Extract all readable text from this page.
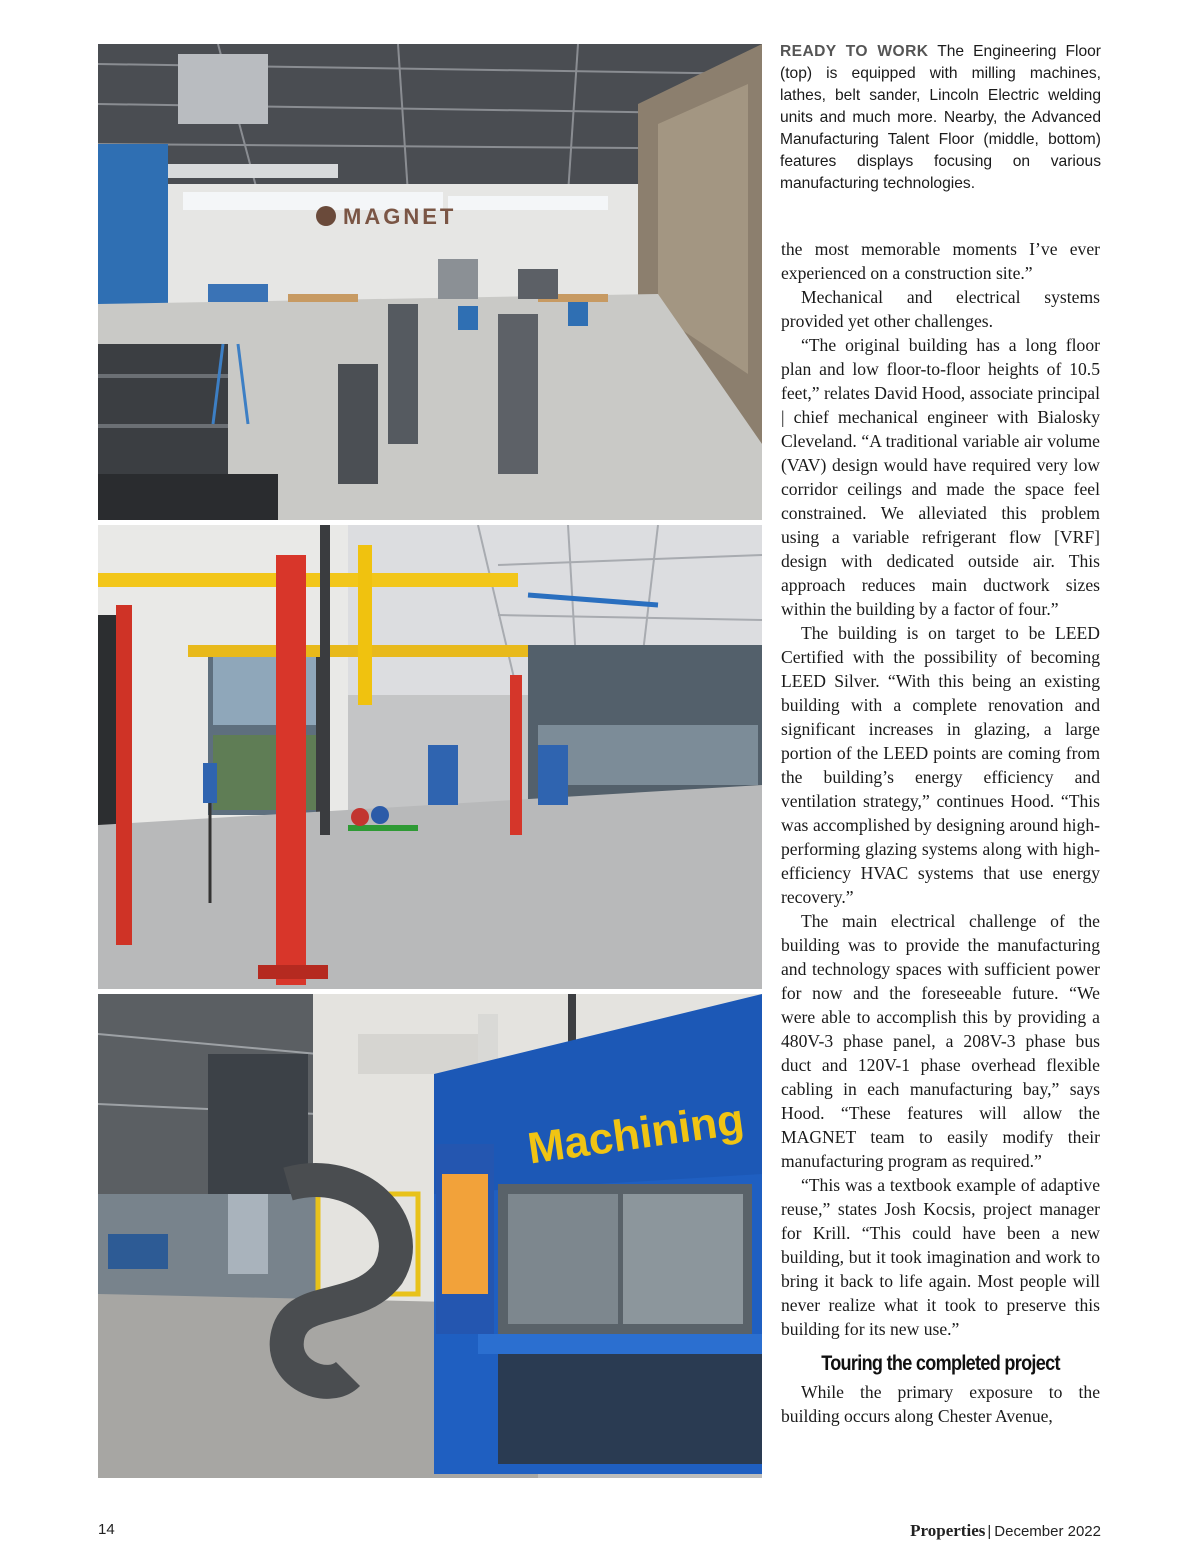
MAGNET
Machining
READY TO WORK The Engineering Floor (top) is equipped with milling machines, lathes, belt sander, Lincoln Electric welding units and much more. Nearby, the Advanced Manufacturing Talent Floor (middle, bottom) features displays focusing on various manufacturing technologies.

the most memorable moments I’ve ever experienced on a construction site.”

Mechanical and electrical systems provided yet other challenges.

“The original building has a long floor plan and low floor-to-floor heights of 10.5 feet,” relates David Hood, associate principal | chief mechanical engineer with Bialosky Cleveland. “A traditional variable air volume (VAV) design would have required very low corridor ceilings and made the space feel constrained. We alleviated this problem using a variable refrigerant flow [VRF] design with dedicated outside air. This approach reduces main ductwork sizes within the building by a factor of four.”

The building is on target to be LEED Certified with the possibility of becoming LEED Silver. “With this being an existing building with a complete renovation and significant increases in glazing, a large portion of the LEED points are coming from the building’s energy efficiency and ventilation strategy,” continues Hood. “This was accomplished by designing around high-performing glazing systems along with high-efficiency HVAC systems that use energy recovery.”

The main electrical challenge of the building was to provide the manufacturing and technology spaces with sufficient power for now and the foreseeable future. “We were able to accomplish this by providing a 480V-3 phase panel, a 208V-3 phase bus duct and 120V-1 phase overhead flexible cabling in each manufacturing bay,” says Hood. “These features will allow the MAGNET team to easily modify their manufacturing program as required.”

“This was a textbook example of adaptive reuse,” states Josh Kocsis, project manager for Krill. “This could have been a new building, but it took imagination and work to bring it back to life again. Most people will never realize what it took to preserve this building for its new use.”

Touring the completed project

While the primary exposure to the building occurs along Chester Avenue,

14	Properties | December 2022
